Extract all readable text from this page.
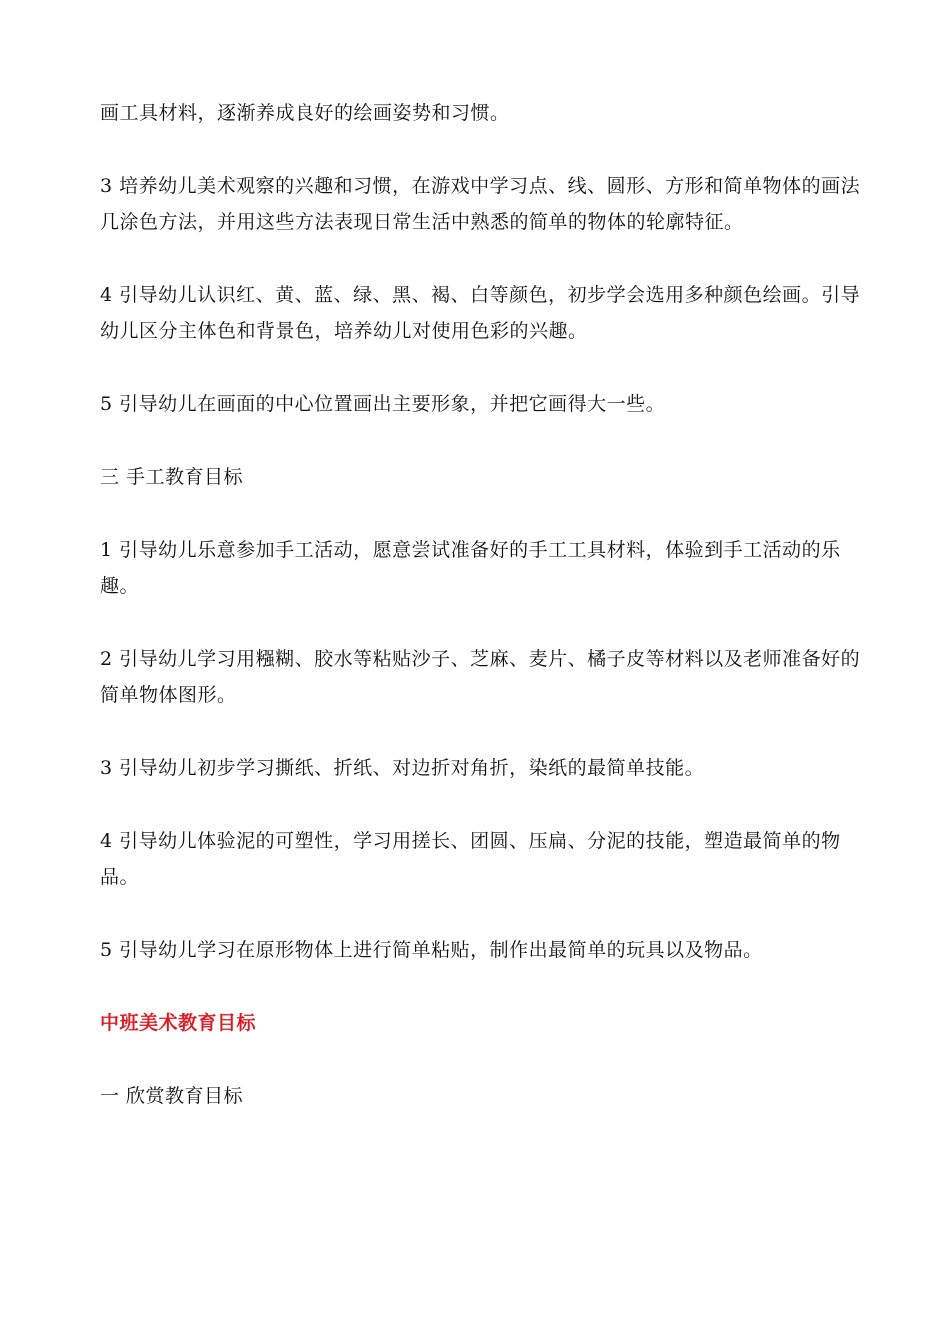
画工具材料，逐渐养成良好的绘画姿势和习惯。

3 培养幼儿美术观察的兴趣和习惯，在游戏中学习点、线、圆形、方形和简单物体的画法几涂色方法，并用这些方法表现日常生活中熟悉的简单的物体的轮廓特征。

4 引导幼儿认识红、黄、蓝、绿、黑、褐、白等颜色，初步学会选用多种颜色绘画。引导幼儿区分主体色和背景色，培养幼儿对使用色彩的兴趣。

5 引导幼儿在画面的中心位置画出主要形象，并把它画得大一些。

三 手工教育目标

1 引导幼儿乐意参加手工活动，愿意尝试准备好的手工工具材料，体验到手工活动的乐趣。

2 引导幼儿学习用糨糊、胶水等粘贴沙子、芝麻、麦片、橘子皮等材料以及老师准备好的简单物体图形。

3 引导幼儿初步学习撕纸、折纸、对边折对角折，染纸的最简单技能。

4 引导幼儿体验泥的可塑性，学习用搓长、团圆、压扁、分泥的技能，塑造最简单的物品。

5 引导幼儿学习在原形物体上进行简单粘贴，制作出最简单的玩具以及物品。

中班美术教育目标

一 欣赏教育目标
